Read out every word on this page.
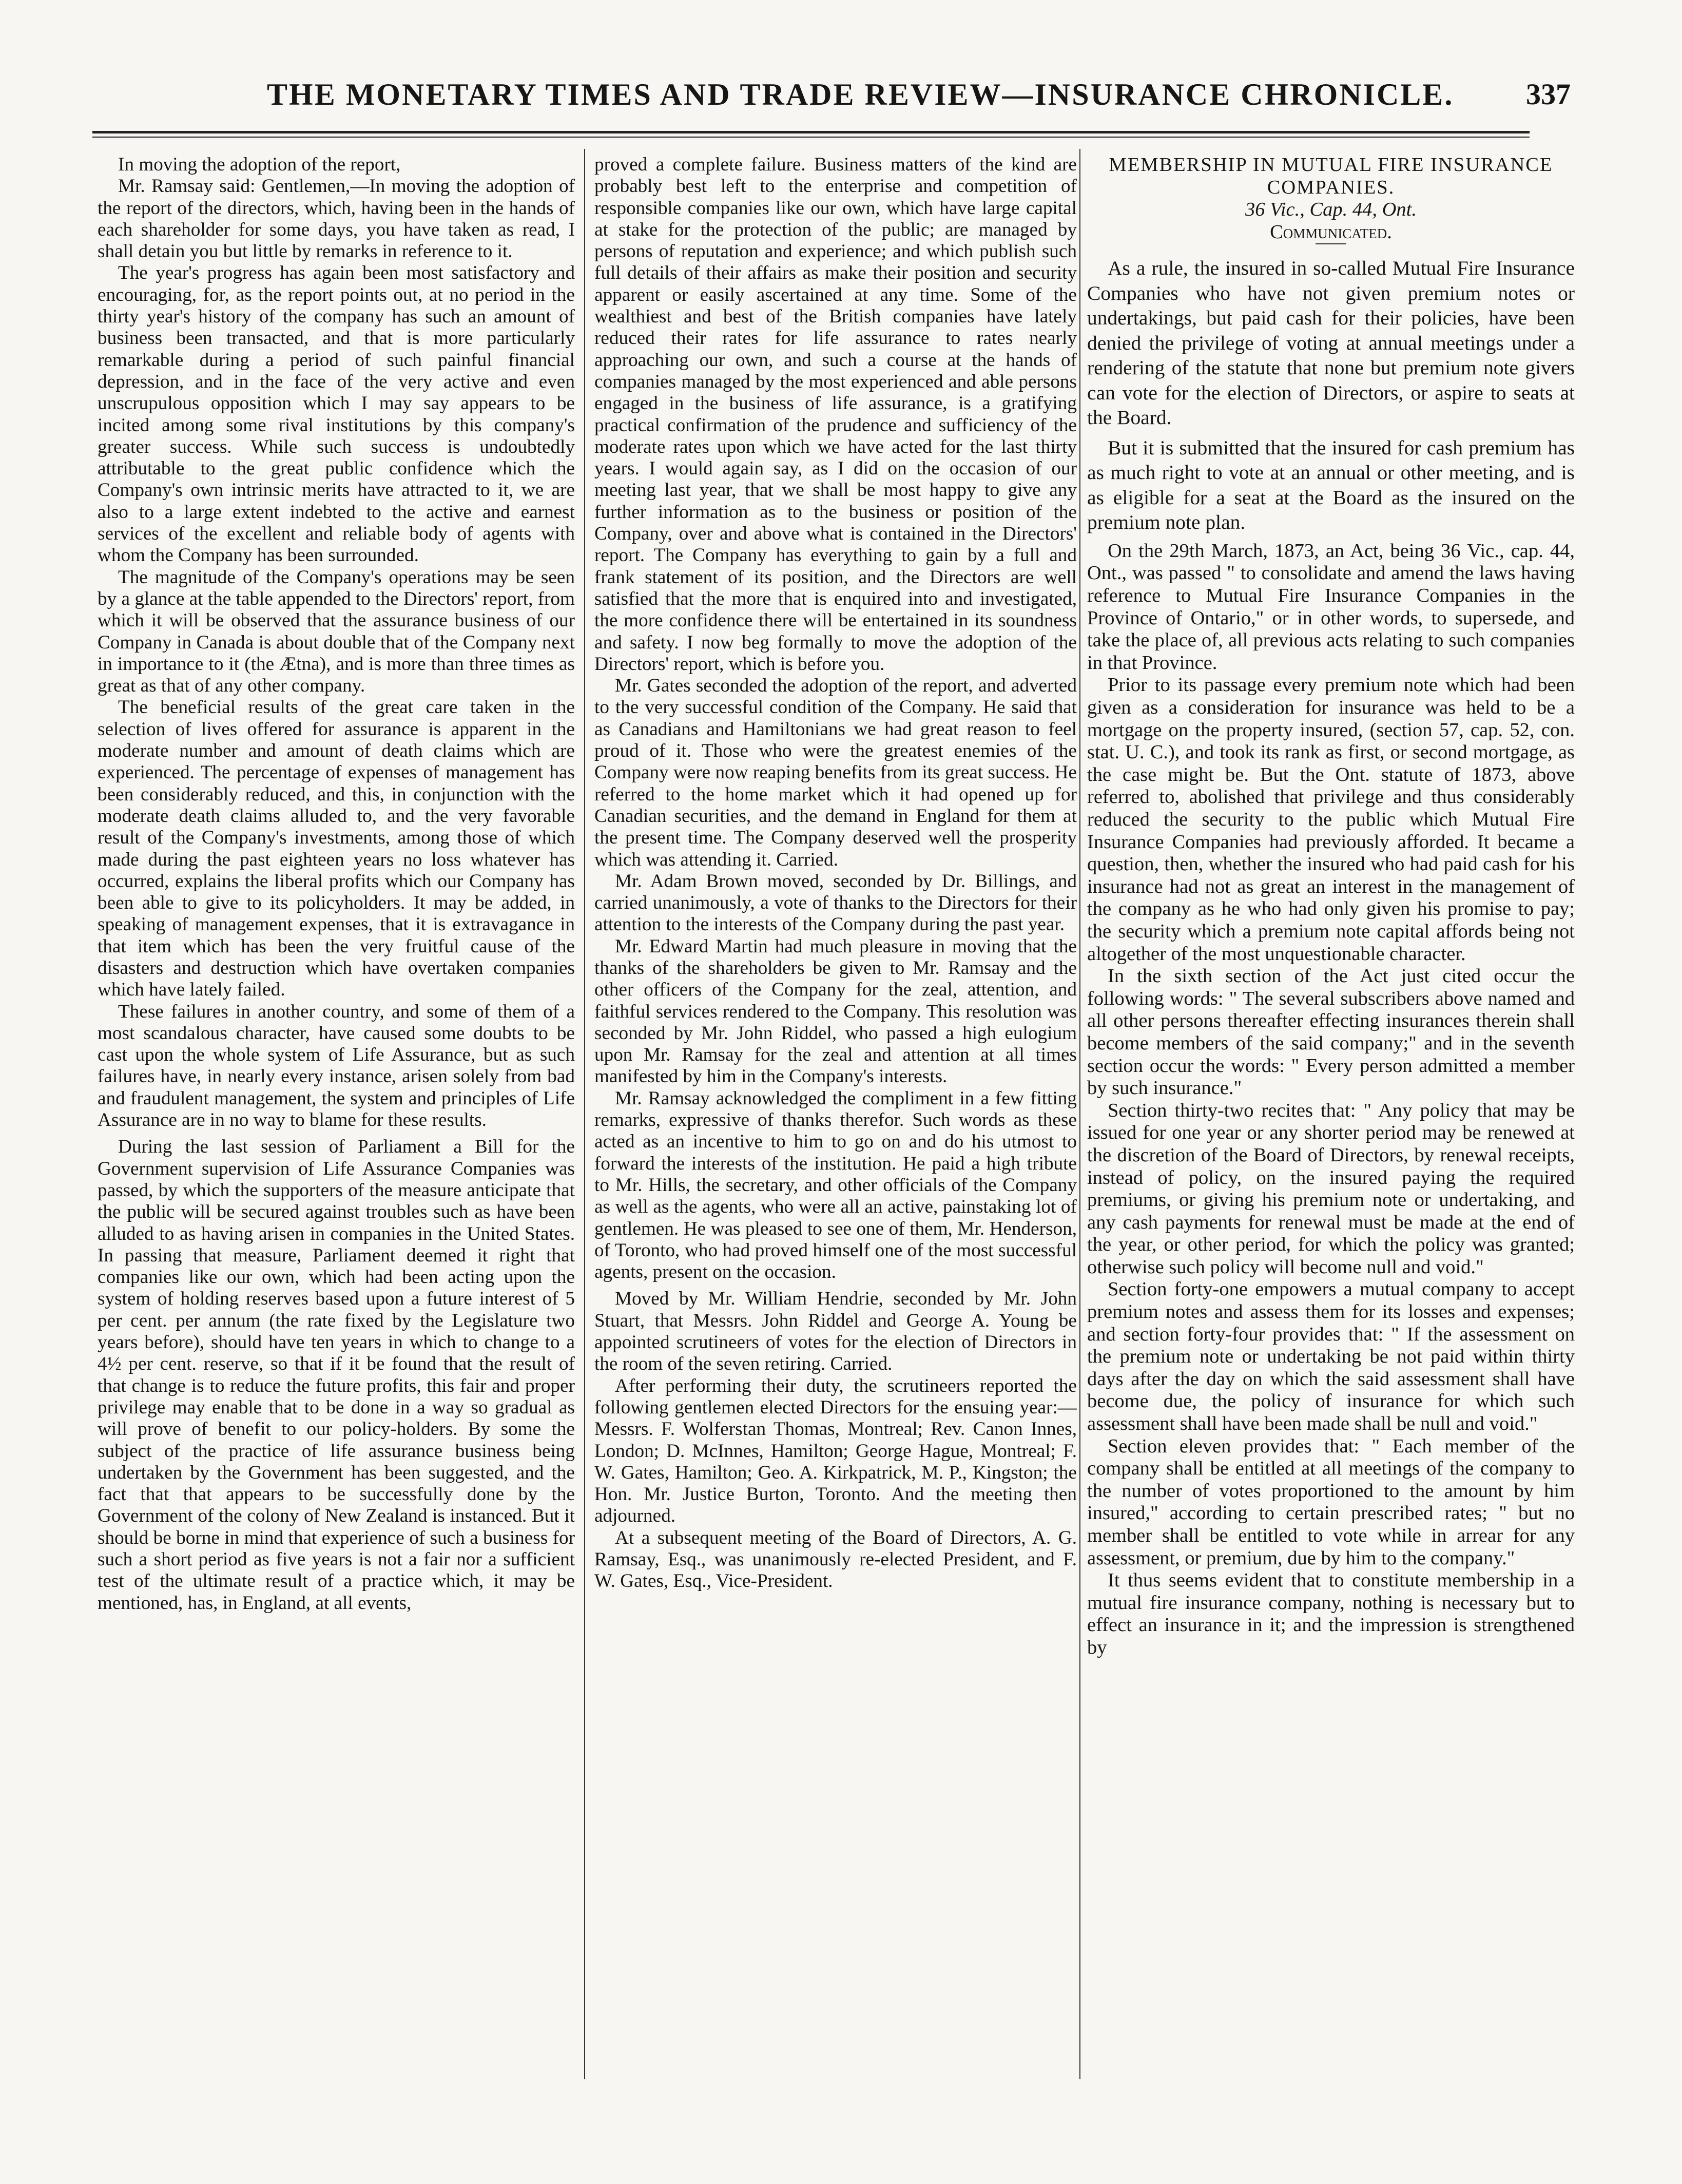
THE MONETARY TIMES AND TRADE REVIEW—INSURANCE CHRONICLE. 337

In moving the adoption of the report,

Mr. Ramsay said: Gentlemen,—In moving the adoption of the report of the directors, which, having been in the hands of each shareholder for some days, you have taken as read, I shall detain you but little by remarks in reference to it.

The year's progress has again been most satisfactory and encouraging, for, as the report points out, at no period in the thirty year's history of the company has such an amount of business been transacted, and that is more particularly remarkable during a period of such painful financial depression, and in the face of the very active and even unscrupulous opposition which I may say appears to be incited among some rival institutions by this company's greater success. While such success is undoubtedly attributable to the great public confidence which the Company's own intrinsic merits have attracted to it, we are also to a large extent indebted to the active and earnest services of the excellent and reliable body of agents with whom the Company has been surrounded.

The magnitude of the Company's operations may be seen by a glance at the table appended to the Directors' report, from which it will be observed that the assurance business of our Company in Canada is about double that of the Company next in importance to it (the Ætna), and is more than three times as great as that of any other company.

The beneficial results of the great care taken in the selection of lives offered for assurance is apparent in the moderate number and amount of death claims which are experienced. The percentage of expenses of management has been considerably reduced, and this, in conjunction with the moderate death claims alluded to, and the very favorable result of the Company's investments, among those of which made during the past eighteen years no loss whatever has occurred, explains the liberal profits which our Company has been able to give to its policyholders. It may be added, in speaking of management expenses, that it is extravagance in that item which has been the very fruitful cause of the disasters and destruction which have overtaken companies which have lately failed.

These failures in another country, and some of them of a most scandalous character, have caused some doubts to be cast upon the whole system of Life Assurance, but as such failures have, in nearly every instance, arisen solely from bad and fraudulent management, the system and principles of Life Assurance are in no way to blame for these results.

During the last session of Parliament a Bill for the Government supervision of Life Assurance Companies was passed, by which the supporters of the measure anticipate that the public will be secured against troubles such as have been alluded to as having arisen in companies in the United States. In passing that measure, Parliament deemed it right that companies like our own, which had been acting upon the system of holding reserves based upon a future interest of 5 per cent. per annum (the rate fixed by the Legislature two years before), should have ten years in which to change to a 4½ per cent. reserve, so that if it be found that the result of that change is to reduce the future profits, this fair and proper privilege may enable that to be done in a way so gradual as will prove of benefit to our policy-holders. By some the subject of the practice of life assurance business being undertaken by the Government has been suggested, and the fact that that appears to be successfully done by the Government of the colony of New Zealand is instanced. But it should be borne in mind that experience of such a business for such a short period as five years is not a fair nor a sufficient test of the ultimate result of a practice which, it may be mentioned, has, in England, at all events,

proved a complete failure. Business matters of the kind are probably best left to the enterprise and competition of responsible companies like our own, which have large capital at stake for the protection of the public; are managed by persons of reputation and experience; and which publish such full details of their affairs as make their position and security apparent or easily ascertained at any time. Some of the wealthiest and best of the British companies have lately reduced their rates for life assurance to rates nearly approaching our own, and such a course at the hands of companies managed by the most experienced and able persons engaged in the business of life assurance, is a gratifying practical confirmation of the prudence and sufficiency of the moderate rates upon which we have acted for the last thirty years. I would again say, as I did on the occasion of our meeting last year, that we shall be most happy to give any further information as to the business or position of the Company, over and above what is contained in the Directors' report. The Company has everything to gain by a full and frank statement of its position, and the Directors are well satisfied that the more that is enquired into and investigated, the more confidence there will be entertained in its soundness and safety. I now beg formally to move the adoption of the Directors' report, which is before you.

Mr. Gates seconded the adoption of the report, and adverted to the very successful condition of the Company. He said that as Canadians and Hamiltonians we had great reason to feel proud of it. Those who were the greatest enemies of the Company were now reaping benefits from its great success. He referred to the home market which it had opened up for Canadian securities, and the demand in England for them at the present time. The Company deserved well the prosperity which was attending it. Carried.

Mr. Adam Brown moved, seconded by Dr. Billings, and carried unanimously, a vote of thanks to the Directors for their attention to the interests of the Company during the past year.

Mr. Edward Martin had much pleasure in moving that the thanks of the shareholders be given to Mr. Ramsay and the other officers of the Company for the zeal, attention, and faithful services rendered to the Company. This resolution was seconded by Mr. John Riddel, who passed a high eulogium upon Mr. Ramsay for the zeal and attention at all times manifested by him in the Company's interests.

Mr. Ramsay acknowledged the compliment in a few fitting remarks, expressive of thanks therefor. Such words as these acted as an incentive to him to go on and do his utmost to forward the interests of the institution. He paid a high tribute to Mr. Hills, the secretary, and other officials of the Company as well as the agents, who were all an active, painstaking lot of gentlemen. He was pleased to see one of them, Mr. Henderson, of Toronto, who had proved himself one of the most successful agents, present on the occasion.

Moved by Mr. William Hendrie, seconded by Mr. John Stuart, that Messrs. John Riddel and George A. Young be appointed scrutineers of votes for the election of Directors in the room of the seven retiring. Carried.

After performing their duty, the scrutineers reported the following gentlemen elected Directors for the ensuing year:—Messrs. F. Wolferstan Thomas, Montreal; Rev. Canon Innes, London; D. McInnes, Hamilton; George Hague, Montreal; F. W. Gates, Hamilton; Geo. A. Kirkpatrick, M. P., Kingston; the Hon. Mr. Justice Burton, Toronto. And the meeting then adjourned.

At a subsequent meeting of the Board of Directors, A. G. Ramsay, Esq., was unanimously re-elected President, and F. W. Gates, Esq., Vice-President.

MEMBERSHIP IN MUTUAL FIRE INSURANCE COMPANIES.

36 Vic., Cap. 44, Ont.

Communicated.

As a rule, the insured in so-called Mutual Fire Insurance Companies who have not given premium notes or undertakings, but paid cash for their policies, have been denied the privilege of voting at annual meetings under a rendering of the statute that none but premium note givers can vote for the election of Directors, or aspire to seats at the Board.

But it is submitted that the insured for cash premium has as much right to vote at an annual or other meeting, and is as eligible for a seat at the Board as the insured on the premium note plan.

On the 29th March, 1873, an Act, being 36 Vic., cap. 44, Ont., was passed " to consolidate and amend the laws having reference to Mutual Fire Insurance Companies in the Province of Ontario," or in other words, to supersede, and take the place of, all previous acts relating to such companies in that Province.

Prior to its passage every premium note which had been given as a consideration for insurance was held to be a mortgage on the property insured, (section 57, cap. 52, con. stat. U. C.), and took its rank as first, or second mortgage, as the case might be. But the Ont. statute of 1873, above referred to, abolished that privilege and thus considerably reduced the security to the public which Mutual Fire Insurance Companies had previously afforded. It became a question, then, whether the insured who had paid cash for his insurance had not as great an interest in the management of the company as he who had only given his promise to pay; the security which a premium note capital affords being not altogether of the most unquestionable character.

In the sixth section of the Act just cited occur the following words: " The several subscribers above named and all other persons thereafter effecting insurances therein shall become members of the said company;" and in the seventh section occur the words: " Every person admitted a member by such insurance."

Section thirty-two recites that: " Any policy that may be issued for one year or any shorter period may be renewed at the discretion of the Board of Directors, by renewal receipts, instead of policy, on the insured paying the required premiums, or giving his premium note or undertaking, and any cash payments for renewal must be made at the end of the year, or other period, for which the policy was granted; otherwise such policy will become null and void."

Section forty-one empowers a mutual company to accept premium notes and assess them for its losses and expenses; and section forty-four provides that: " If the assessment on the premium note or undertaking be not paid within thirty days after the day on which the said assessment shall have become due, the policy of insurance for which such assessment shall have been made shall be null and void."

Section eleven provides that: " Each member of the company shall be entitled at all meetings of the company to the number of votes proportioned to the amount by him insured," according to certain prescribed rates; " but no member shall be entitled to vote while in arrear for any assessment, or premium, due by him to the company."

It thus seems evident that to constitute membership in a mutual fire insurance company, nothing is necessary but to effect an insurance in it; and the impression is strengthened by
